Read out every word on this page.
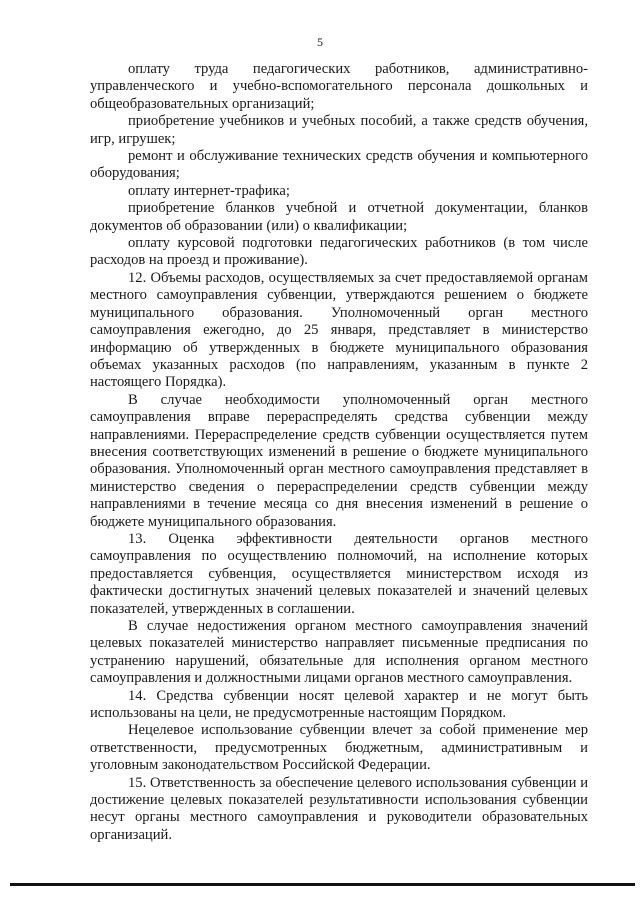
5

оплату труда педагогических работников, административно-управленческого и учебно-вспомогательного персонала дошкольных и общеобразовательных организаций;

приобретение учебников и учебных пособий, а также средств обучения, игр, игрушек;

ремонт и обслуживание технических средств обучения и компьютерного оборудования;

оплату интернет-трафика;

приобретение бланков учебной и отчетной документации, бланков документов об образовании (или) о квалификации;

оплату курсовой подготовки педагогических работников (в том числе расходов на проезд и проживание).

12. Объемы расходов, осуществляемых за счет предоставляемой органам местного самоуправления субвенции, утверждаются решением о бюджете муниципального образования. Уполномоченный орган местного самоуправления ежегодно, до 25 января, представляет в министерство информацию об утвержденных в бюджете муниципального образования объемах указанных расходов (по направлениям, указанным в пункте 2 настоящего Порядка).

В случае необходимости уполномоченный орган местного самоуправления вправе перераспределять средства субвенции между направлениями. Перераспределение средств субвенции осуществляется путем внесения соответствующих изменений в решение о бюджете муниципального образования. Уполномоченный орган местного самоуправления представляет в министерство сведения о перераспределении средств субвенции между направлениями в течение месяца со дня внесения изменений в решение о бюджете муниципального образования.

13. Оценка эффективности деятельности органов местного самоуправления по осуществлению полномочий, на исполнение которых предоставляется субвенция, осуществляется министерством исходя из фактически достигнутых значений целевых показателей и значений целевых показателей, утвержденных в соглашении.

В случае недостижения органом местного самоуправления значений целевых показателей министерство направляет письменные предписания по устранению нарушений, обязательные для исполнения органом местного самоуправления и должностными лицами органов местного самоуправления.

14. Средства субвенции носят целевой характер и не могут быть использованы на цели, не предусмотренные настоящим Порядком.

Нецелевое использование субвенции влечет за собой применение мер ответственности, предусмотренных бюджетным, административным и уголовным законодательством Российской Федерации.

15. Ответственность за обеспечение целевого использования субвенции и достижение целевых показателей результативности использования субвенции несут органы местного самоуправления и руководители образовательных организаций.
